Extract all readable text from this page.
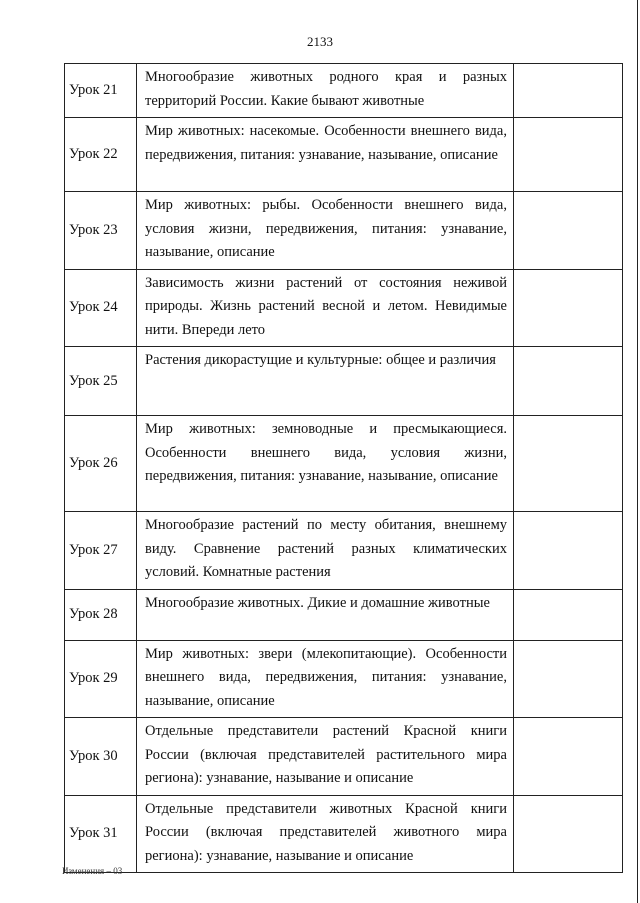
2133
Урок 21	Многообразие животных родного края и разных территорий России. Какие бывают животные	
Урок 22	Мир животных: насекомые. Особенности внешнего вида, передвижения, питания: узнавание, называние, описание	
Урок 23	Мир животных: рыбы. Особенности внешнего вида, условия жизни, передвижения, питания: узнавание, называние, описание	
Урок 24	Зависимость жизни растений от состояния неживой природы. Жизнь растений весной и летом. Невидимые нити. Впереди лето	
Урок 25	Растения дикорастущие и культурные: общее и различия	
Урок 26	Мир животных: земноводные и пресмыкающиеся. Особенности внешнего вида, условия жизни, передвижения, питания: узнавание, называние, описание	
Урок 27	Многообразие растений по месту обитания, внешнему виду. Сравнение растений разных климатических условий. Комнатные растения	
Урок 28	Многообразие животных. Дикие и домашние животные	
Урок 29	Мир животных: звери (млекопитающие). Особенности внешнего вида, передвижения, питания: узнавание, называние, описание	
Урок 30	Отдельные представители растений Красной книги России (включая представителей растительного мира региона): узнавание, называние и описание	
Урок 31	Отдельные представители животных Красной книги России (включая представителей животного мира региона): узнавание, называние и описание	
Изменения – 03
